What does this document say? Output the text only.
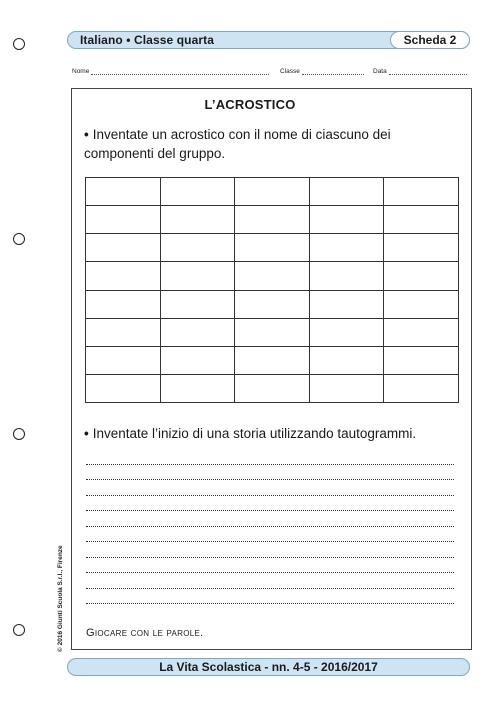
Italiano • Classe quarta	Scheda 2
Nome	Classe	Data
L’ACROSTICO
• Inventate un acrostico con il nome di ciascuno dei
componenti del gruppo.

• Inventate l’inizio di una storia utilizzando tautogrammi.
Giocare con le parole.
© 2016 Giunti Scuola S.r.l., Firenze
La Vita Scolastica - nn. 4-5 - 2016/2017
